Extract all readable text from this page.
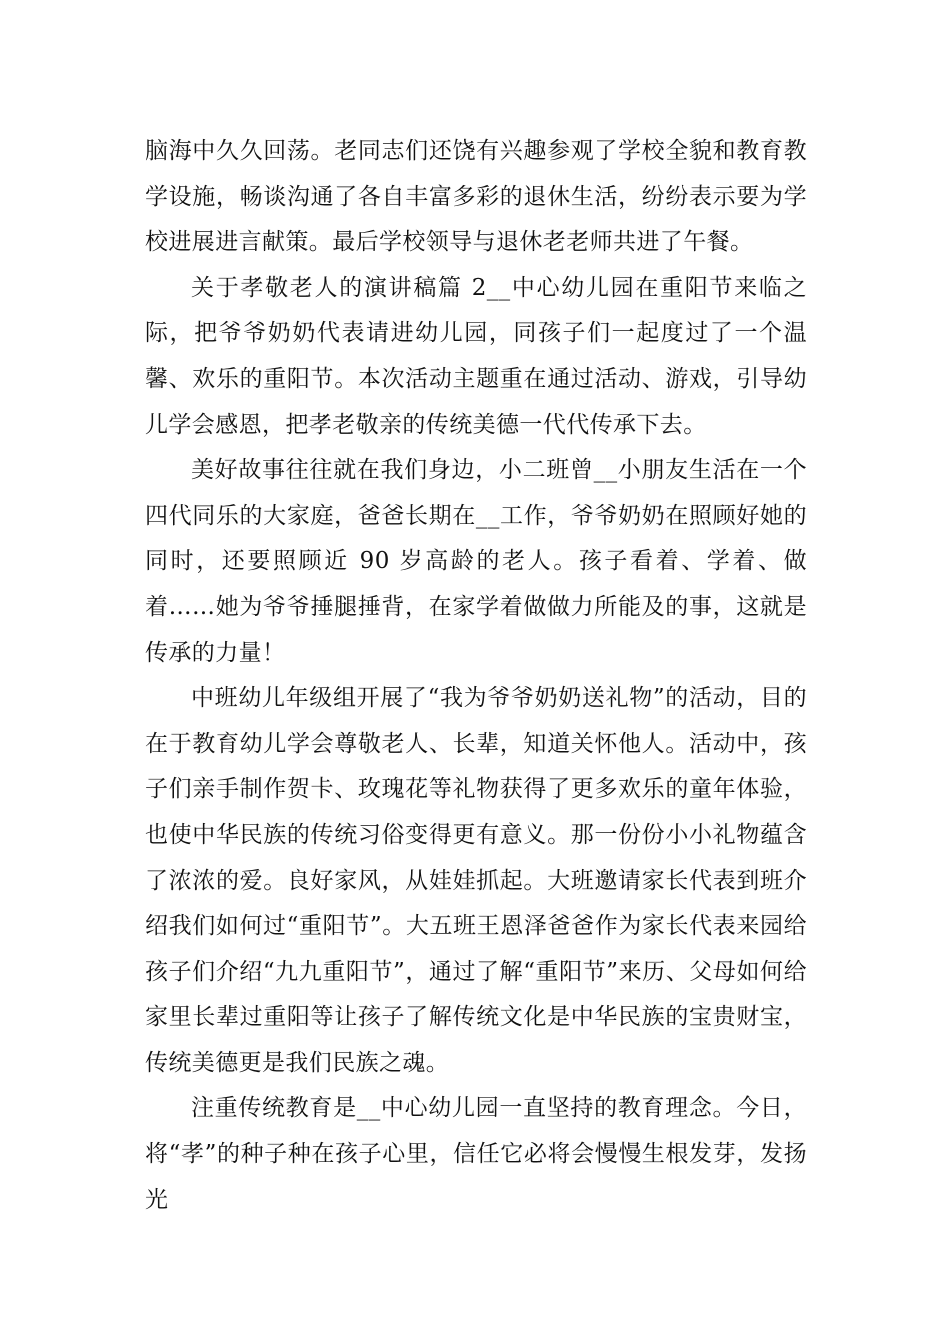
脑海中久久回荡。老同志们还饶有兴趣参观了学校全貌和教育教学设施，畅谈沟通了各自丰富多彩的退休生活，纷纷表示要为学校进展进言献策。最后学校领导与退休老老师共进了午餐。

关于孝敬老人的演讲稿篇 2__中心幼儿园在重阳节来临之际，把爷爷奶奶代表请进幼儿园，同孩子们一起度过了一个温馨、欢乐的重阳节。本次活动主题重在通过活动、游戏，引导幼儿学会感恩，把孝老敬亲的传统美德一代代传承下去。

美好故事往往就在我们身边，小二班曾__小朋友生活在一个四代同乐的大家庭，爸爸长期在__工作，爷爷奶奶在照顾好她的同时，还要照顾近 90 岁高龄的老人。孩子看着、学着、做着……她为爷爷捶腿捶背，在家学着做做力所能及的事，这就是传承的力量！

中班幼儿年级组开展了“我为爷爷奶奶送礼物”的活动，目的在于教育幼儿学会尊敬老人、长辈，知道关怀他人。活动中，孩子们亲手制作贺卡、玫瑰花等礼物获得了更多欢乐的童年体验，也使中华民族的传统习俗变得更有意义。那一份份小小礼物蕴含了浓浓的爱。良好家风，从娃娃抓起。大班邀请家长代表到班介绍我们如何过“重阳节”。大五班王恩泽爸爸作为家长代表来园给孩子们介绍“九九重阳节”，通过了解“重阳节”来历、父母如何给家里长辈过重阳等让孩子了解传统文化是中华民族的宝贵财宝，传统美德更是我们民族之魂。

注重传统教育是__中心幼儿园一直坚持的教育理念。今日，将“孝”的种子种在孩子心里，信任它必将会慢慢生根发芽，发扬光
